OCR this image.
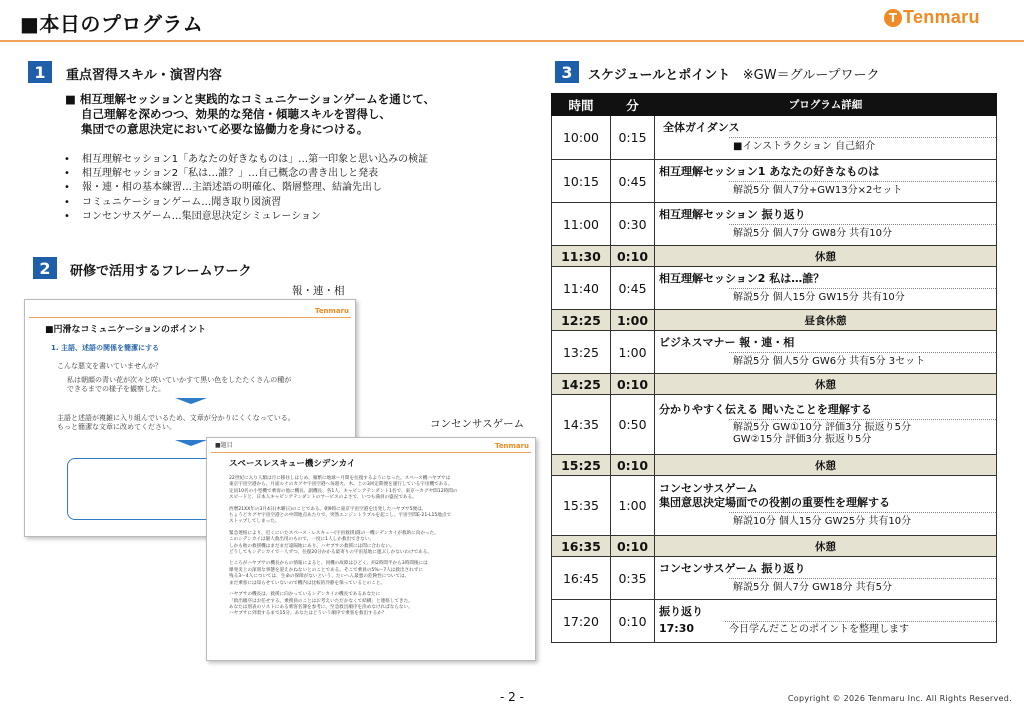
■本日のプログラム	T Tenmaru
1	重点習得スキル・演習内容
■ 相互理解セッションと実践的なコミュニケーションゲームを通じて、
自己理解を深めつつ、効果的な発信・傾聴スキルを習得し、
集団での意思決定において必要な協働力を身につける。
• 相互理解セッション1「あなたの好きなものは」…第一印象と思い込みの検証
• 相互理解セッション2「私は…誰？」…自己概念の書き出しと発表
• 報・連・相の基本練習…主語述語の明確化、階層整理、結論先出し
• コミュニケーションゲーム…聞き取り図演習
• コンセンサスゲーム…集団意思決定シミュレーション
2	研修で活用するフレームワーク
報・連・相
コンセンサスゲーム
Tenmaru
■円滑なコミュニケーションのポイント
1. 主語、述語の関係を簡潔にする
こんな悪文を書いていませんか？
私は朝顔の青い花が次々と咲いていかすて黒い色をしたたくさんの種が
できるまでの様子を観察した。
主語と述語が複雑に入り組んでいるため、文章が分かりにくくなっている。
もっと簡潔な文章に改めてください。
Tenmaru
■題目
スペースレスキュー機シデンカイ
22世紀に入り人類は月に移住しはじめ、頻繁に地球～月間を往復するようになった。スペース機ハヤブサは
東京宇宙空港から、月面ルナのカグヤ宇宙空港へ毎週火、木、土の3回定期便を運行している宇宙機である。
定員10名の小型機で乗客の他に機長、副機長、各1人、キャビンアテンダント1名で、東京～カグヤ間12時間の
スピードと、日本人キャビンアテンダントのサービスのよさで、いつも満員の盛況である。
西暦21XX年の3月4日(木曜日)のことである。朝9時に東京宇宙空港を出発したハヤブサ5便は、
ちょうどカグヤ宇宙空港との中間地点あたりで、突然エンジントラブルを起こし、宇宙空間E-21-L15地点で
ストップしてしまった。
緊急連絡により、近くにいたスペース・レスキュー(宇宙救援)隊の一機シデンカイが救助に向かった。
このシデンカイは個人救出用のもので、一度に1人しか救出できない。
しかも他の救援機はまだまだ遠隔地にあり、ハヤブサの救援には間に合わない。
どうしてもシデンカイで一人ずつ、往復20分かかる最寄りの宇宙基地に運ぶしかないわけである。
ところがハヤブサの機長からの情報によると、同機の故障はひどく、約2時間半から3時間後には
爆発炎上の深刻な事態を迎えかねないとのことである。そこで乗員の5%～7人は救出されずに
残る3～4人については、生命の保障がないという、たいへん最悪の危険性については、
まだ乗客には知らせていないので機内は比較的冷静を保っているとのこと。
ハヤブサの機長は、救援に向かっているシデンカイの機長であるあなたに
「救出順序はお任せする。乗務員のことはお考えいただかなくて結構」と連絡してきた。
あなたは別表のリストにある乗客名簿を参考に、至急救出順序を決めなければならない。
ハヤブサに到着するまで15分。あなたはどういう順序で乗客を救出するか？
3	スケジュールとポイント ※GW＝グループワーク
時間	分	プログラム詳細
10:00	0:15	全体ガイダンス
■インストラクション 自己紹介

10:15	0:45	相互理解セッション1 あなたの好きなものは
解説5分 個人7分+GW13分×2セット

11:00	0:30	相互理解セッション 振り返り
解説5分 個人7分 GW8分 共有10分

11:30	0:10	休憩
11:40	0:45	相互理解セッション2 私は…誰？
解説5分 個人15分 GW15分 共有10分

12:25	1:00	昼食休憩
13:25	1:00	ビジネスマナー 報・連・相
解説5分 個人5分 GW6分 共有5分 3セット

14:25	0:10	休憩
14:35	0:50	分かりやすく伝える 聞いたことを理解する
解説5分 GW①10分 評価3分 振返り5分
GW②15分 評価3分 振返り5分

15:25	0:10	休憩
15:35	1:00	コンセンサスゲーム
集団意思決定場面での役割の重要性を理解する
解説10分 個人15分 GW25分 共有10分

16:35	0:10	休憩
16:45	0:35	コンセンサスゲーム 振り返り
解説5分 個人7分 GW18分 共有5分

17:20	0:10	振り返り
17:30 今日学んだことのポイントを整理します
- 2 -	Copyright © 2026 Tenmaru Inc. All Rights Reserved.
